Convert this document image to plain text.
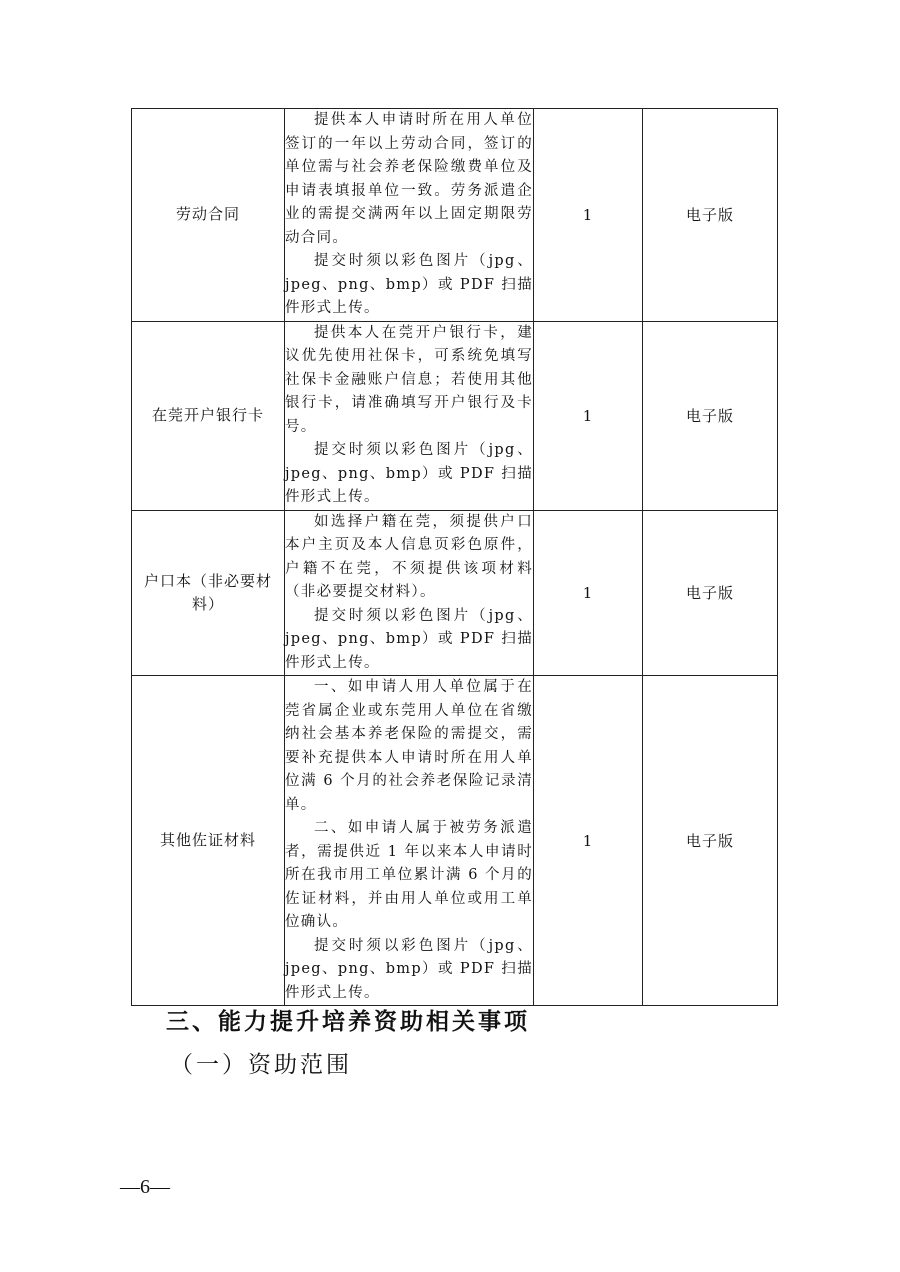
劳动合同	提供本人申请时所在用人单位签订的一年以上劳动合同，签订的单位需与社会养老保险缴费单位及申请表填报单位一致。劳务派遣企业的需提交满两年以上固定期限劳动合同。

提交时须以彩色图片（jpg、jpeg、png、bmp）或 PDF 扫描件形式上传。	1	电子版
在莞开户银行卡	提供本人在莞开户银行卡，建议优先使用社保卡，可系统免填写社保卡金融账户信息；若使用其他银行卡，请准确填写开户银行及卡号。

提交时须以彩色图片（jpg、jpeg、png、bmp）或 PDF 扫描件形式上传。	1	电子版
户口本（非必要材料）	如选择户籍在莞，须提供户口本户主页及本人信息页彩色原件，户籍不在莞，不须提供该项材料（非必要提交材料）。

提交时须以彩色图片（jpg、jpeg、png、bmp）或 PDF 扫描件形式上传。	1	电子版
其他佐证材料	一、如申请人用人单位属于在莞省属企业或东莞用人单位在省缴纳社会基本养老保险的需提交，需要补充提供本人申请时所在用人单位满 6 个月的社会养老保险记录清单。

二、如申请人属于被劳务派遣者，需提供近 1 年以来本人申请时所在我市用工单位累计满 6 个月的佐证材料，并由用人单位或用工单位确认。

提交时须以彩色图片（jpg、jpeg、png、bmp）或 PDF 扫描件形式上传。	1	电子版
三、能力提升培养资助相关事项
（一）资助范围
—6—
